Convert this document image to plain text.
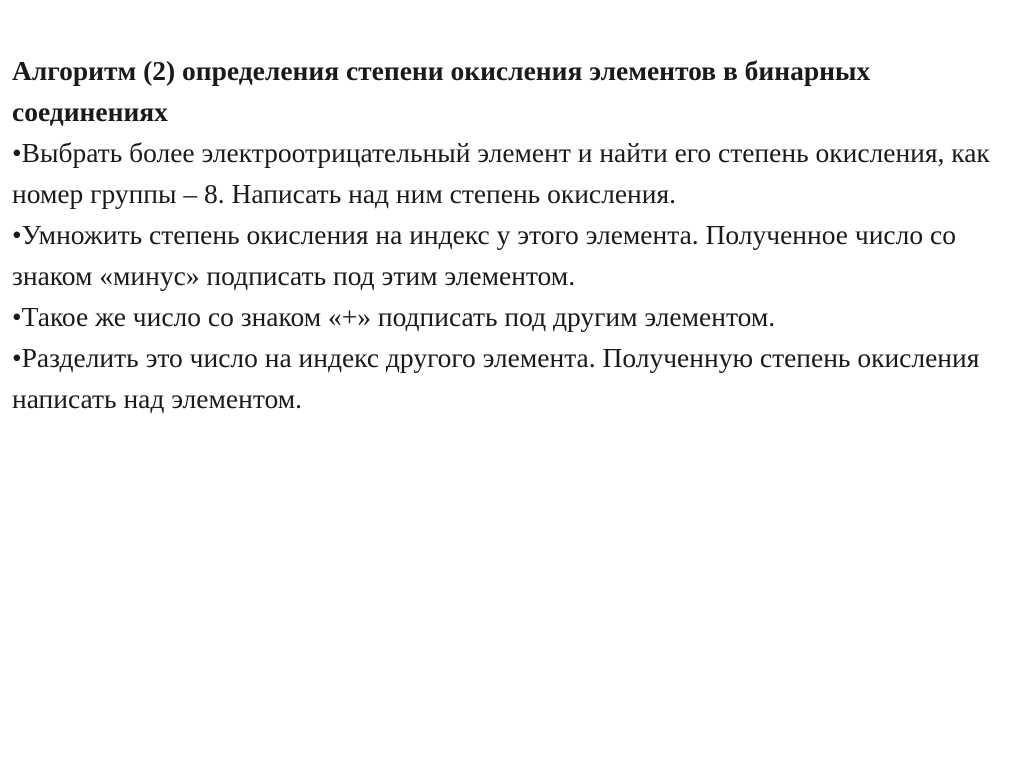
Алгоритм (2) определения степени окисления элементов в бинарных соединениях
•Выбрать более электроотрицательный элемент и найти его степень окисления, как номер группы – 8. Написать над ним степень окисления.
•Умножить степень окисления на индекс у этого элемента. Полученное число со знаком «минус» подписать под этим элементом.
•Такое же число со знаком «+» подписать под другим элементом.
•Разделить это число на индекс другого элемента. Полученную степень окисления написать над элементом.
